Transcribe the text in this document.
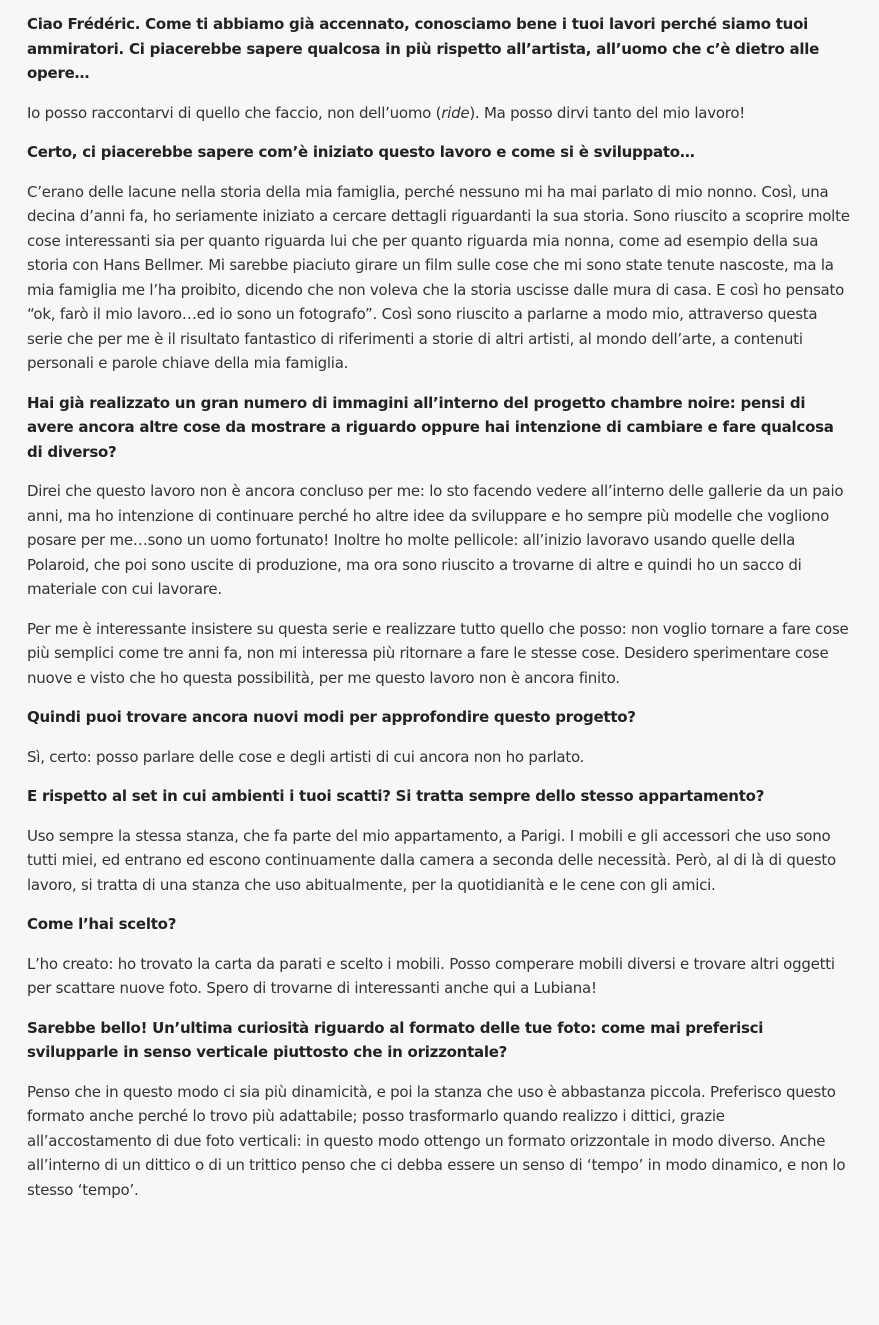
Ciao Frédéric. Come ti abbiamo già accennato, conosciamo bene i tuoi lavori perché siamo tuoi ammiratori. Ci piacerebbe sapere qualcosa in più rispetto all’artista, all’uomo che c’è dietro alle opere…

Io posso raccontarvi di quello che faccio, non dell’uomo (ride). Ma posso dirvi tanto del mio lavoro!

Certo, ci piacerebbe sapere com’è iniziato questo lavoro e come si è sviluppato…

C’erano delle lacune nella storia della mia famiglia, perché nessuno mi ha mai parlato di mio nonno. Così, una decina d’anni fa, ho seriamente iniziato a cercare dettagli riguardanti la sua storia. Sono riuscito a scoprire molte cose interessanti sia per quanto riguarda lui che per quanto riguarda mia nonna, come ad esempio della sua storia con Hans Bellmer. Mi sarebbe piaciuto girare un film sulle cose che mi sono state tenute nascoste, ma la mia famiglia me l’ha proibito, dicendo che non voleva che la storia uscisse dalle mura di casa. E così ho pensato “ok, farò il mio lavoro…ed io sono un fotografo”. Così sono riuscito a parlarne a modo mio, attraverso questa serie che per me è il risultato fantastico di riferimenti a storie di altri artisti, al mondo dell’arte, a contenuti personali e parole chiave della mia famiglia.

Hai già realizzato un gran numero di immagini all’interno del progetto chambre noire: pensi di avere ancora altre cose da mostrare a riguardo oppure hai intenzione di cambiare e fare qualcosa di diverso?

Direi che questo lavoro non è ancora concluso per me: lo sto facendo vedere all’interno delle gallerie da un paio anni, ma ho intenzione di continuare perché ho altre idee da sviluppare e ho sempre più modelle che vogliono posare per me…sono un uomo fortunato! Inoltre ho molte pellicole: all’inizio lavoravo usando quelle della Polaroid, che poi sono uscite di produzione, ma ora sono riuscito a trovarne di altre e quindi ho un sacco di materiale con cui lavorare.

Per me è interessante insistere su questa serie e realizzare tutto quello che posso: non voglio tornare a fare cose più semplici come tre anni fa, non mi interessa più ritornare a fare le stesse cose. Desidero sperimentare cose nuove e visto che ho questa possibilità, per me questo lavoro non è ancora finito.

Quindi puoi trovare ancora nuovi modi per approfondire questo progetto?

Sì, certo: posso parlare delle cose e degli artisti di cui ancora non ho parlato.

E rispetto al set in cui ambienti i tuoi scatti? Si tratta sempre dello stesso appartamento?

Uso sempre la stessa stanza, che fa parte del mio appartamento, a Parigi. I mobili e gli accessori che uso sono tutti miei, ed entrano ed escono continuamente dalla camera a seconda delle necessità. Però, al di là di questo lavoro, si tratta di una stanza che uso abitualmente, per la quotidianità e le cene con gli amici.

Come l’hai scelto?

L’ho creato: ho trovato la carta da parati e scelto i mobili. Posso comperare mobili diversi e trovare altri oggetti per scattare nuove foto. Spero di trovarne di interessanti anche qui a Lubiana!

Sarebbe bello! Un’ultima curiosità riguardo al formato delle tue foto: come mai preferisci svilupparle in senso verticale piuttosto che in orizzontale?

Penso che in questo modo ci sia più dinamicità, e poi la stanza che uso è abbastanza piccola. Preferisco questo formato anche perché lo trovo più adattabile; posso trasformarlo quando realizzo i dittici, grazie all’accostamento di due foto verticali: in questo modo ottengo un formato orizzontale in modo diverso. Anche all’interno di un dittico o di un trittico penso che ci debba essere un senso di ‘tempo’ in modo dinamico, e non lo stesso ‘tempo’.
